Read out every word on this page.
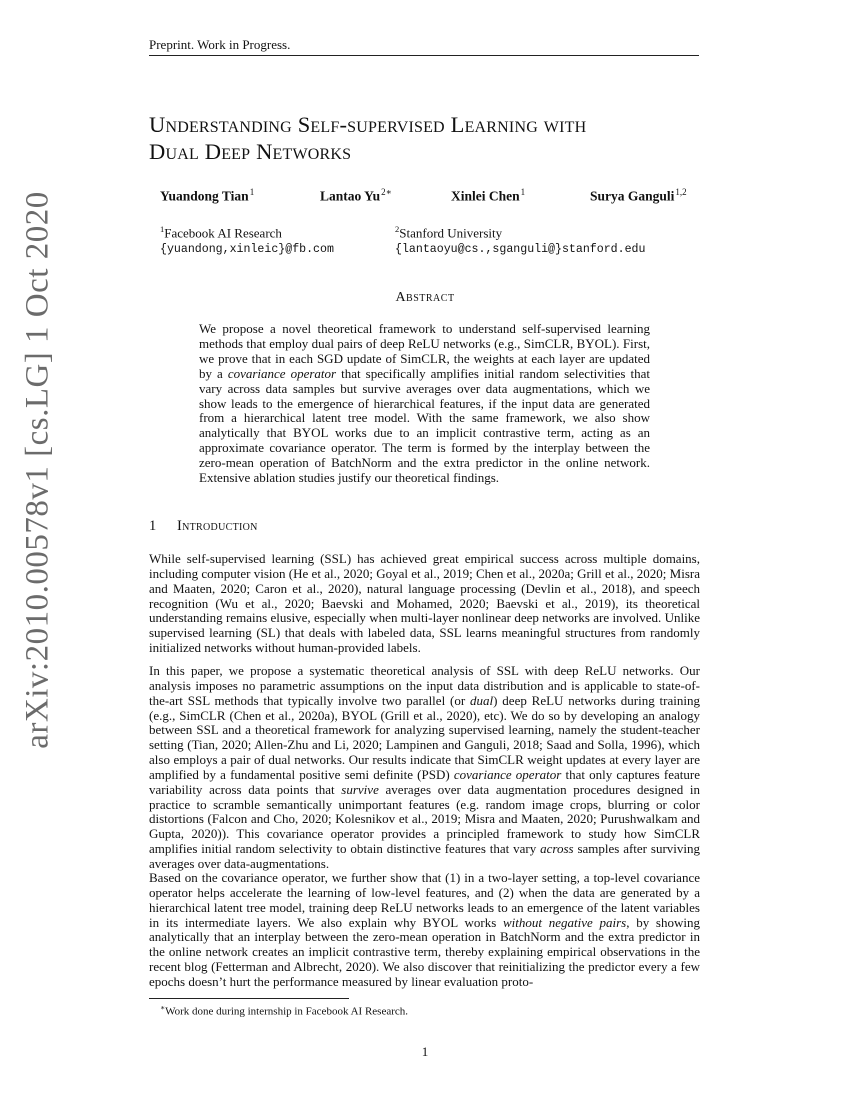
arXiv:2010.00578v1 [cs.LG] 1 Oct 2020
Preprint. Work in Progress.
Understanding Self-supervised Learning with
Dual Deep Networks
Yuandong Tian$^1$	Lantao $Yu^{2∗}$	Xinlei Chen$^1$	Surya Ganguli$^{1,2}$
$^1$Facebook AI Research
{yuandong,xinleic}@fb.com
$^2$Stanford University
{lantaoyu@cs.,sganguli@}stanford.edu
Abstract
We propose a novel theoretical framework to understand self-supervised learning methods that employ dual pairs of deep ReLU networks (e.g., SimCLR, BYOL). First, we prove that in each SGD update of SimCLR, the weights at each layer are updated by a covariance operator that specifically amplifies initial random selectivities that vary across data samples but survive averages over data augmentations, which we show leads to the emergence of hierarchical features, if the input data are generated from a hierarchical latent tree model. With the same framework, we also show analytically that BYOL works due to an implicit contrastive term, acting as an approximate covariance operator. The term is formed by the interplay between the zero-mean operation of BatchNorm and the extra predictor in the online network. Extensive ablation studies justify our theoretical findings.
1 Introduction
While self-supervised learning (SSL) has achieved great empirical success across multiple domains, including computer vision (He et al., 2020; Goyal et al., 2019; Chen et al., 2020a; Grill et al., 2020; Misra and Maaten, 2020; Caron et al., 2020), natural language processing (Devlin et al., 2018), and speech recognition (Wu et al., 2020; Baevski and Mohamed, 2020; Baevski et al., 2019), its theoretical understanding remains elusive, especially when multi-layer nonlinear deep networks are involved. Unlike supervised learning (SL) that deals with labeled data, SSL learns meaningful structures from randomly initialized networks without human-provided labels.
In this paper, we propose a systematic theoretical analysis of SSL with deep ReLU networks. Our analysis imposes no parametric assumptions on the input data distribution and is applicable to state-of-the-art SSL methods that typically involve two parallel (or dual) deep ReLU networks during training (e.g., SimCLR (Chen et al., 2020a), BYOL (Grill et al., 2020), etc). We do so by developing an analogy between SSL and a theoretical framework for analyzing supervised learning, namely the student-teacher setting (Tian, 2020; Allen-Zhu and Li, 2020; Lampinen and Ganguli, 2018; Saad and Solla, 1996), which also employs a pair of dual networks. Our results indicate that SimCLR weight updates at every layer are amplified by a fundamental positive semi definite (PSD) covariance operator that only captures feature variability across data points that survive averages over data augmentation procedures designed in practice to scramble semantically unimportant features (e.g. random image crops, blurring or color distortions (Falcon and Cho, 2020; Kolesnikov et al., 2019; Misra and Maaten, 2020; Purushwalkam and Gupta, 2020)). This covariance operator provides a principled framework to study how SimCLR amplifies initial random selectivity to obtain distinctive features that vary across samples after surviving averages over data-augmentations.
Based on the covariance operator, we further show that (1) in a two-layer setting, a top-level covariance operator helps accelerate the learning of low-level features, and (2) when the data are generated by a hierarchical latent tree model, training deep ReLU networks leads to an emergence of the latent variables in its intermediate layers. We also explain why BYOL works without negative pairs, by showing analytically that an interplay between the zero-mean operation in BatchNorm and the extra predictor in the online network creates an implicit contrastive term, thereby explaining empirical observations in the recent blog (Fetterman and Albrecht, 2020). We also discover that reinitializing the predictor every a few epochs doesn’t hurt the performance measured by linear evaluation proto-
∗Work done during internship in Facebook AI Research.
1
